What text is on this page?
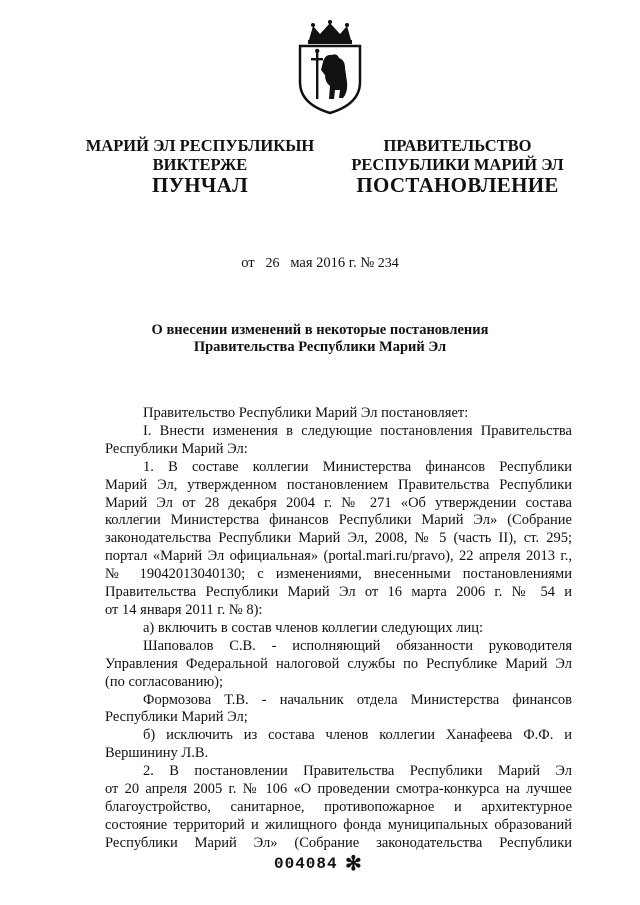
МАРИЙ ЭЛ РЕСПУБЛИКЫН
ВИКТЕРЖЕ
ПРАВИТЕЛЬСТВО
РЕСПУБЛИКИ МАРИЙ ЭЛ
ПУНЧАЛ	ПОСТАНОВЛЕНИЕ
от 26 мая 2016 г. № 234
О внесении изменений в некоторые постановления
Правительства Республики Марий Эл
Правительство Республики Марий Эл постановляет:
I. Внести изменения в следующие постановления Правительства
Республики Марий Эл:
1. В составе коллегии Министерства финансов Республики
Марий Эл, утвержденном постановлением Правительства Республики
Марий Эл от 28 декабря 2004 г. № 271 «Об утверждении состава
коллегии Министерства финансов Республики Марий Эл» (Собрание
законодательства Республики Марий Эл, 2008, № 5 (часть II), ст. 295;
портал «Марий Эл официальная» (portal.mari.ru/pravo), 22 апреля 2013 г.,
№ 19042013040130; с изменениями, внесенными постановлениями
Правительства Республики Марий Эл от 16 марта 2006 г. № 54 и
от 14 января 2011 г. № 8):
а) включить в состав членов коллегии следующих лиц:
Шаповалов С.В. - исполняющий обязанности руководителя
Управления Федеральной налоговой службы по Республике Марий Эл
(по согласованию);
Формозова Т.В. - начальник отдела Министерства финансов
Республики Марий Эл;
б) исключить из состава членов коллегии Ханафеева Ф.Ф. и
Вершинину Л.В.
2. В постановлении Правительства Республики Марий Эл
от 20 апреля 2005 г. № 106 «О проведении смотра-конкурса на лучшее
благоустройство, санитарное, противопожарное и архитектурное
состояние территорий и жилищного фонда муниципальных образований
Республики Марий Эл» (Собрание законодательства Республики
004084 ✻
